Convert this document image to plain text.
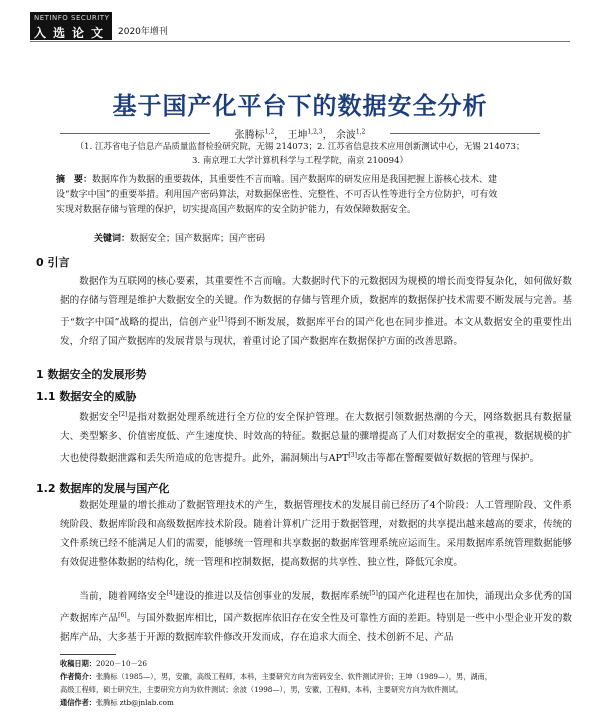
NETINFO SECURITY
入选论文 2020年增刊
基于国产化平台下的数据安全分析
张腾标$^{1,2}$， 王坤$^{1,2,3}$， 余波$^{1,2}$
（1. 江苏省电子信息产品质量监督检验研究院，无锡 214073；2. 江苏省信息技术应用创新测试中心，无锡 214073；
3. 南京理工大学计算机科学与工程学院，南京 210094）
摘　要：数据库作为数据的重要载体，其重要性不言而喻。国产数据库的研发应用是我国把握上游核心技术、建设“数字中国”的重要举措。利用国产密码算法，对数据保密性、完整性、不可否认性等进行全方位防护，可有效实现对数据存储与管理的保护，切实提高国产数据库的安全防护能力，有效保障数据安全。
关键词：数据安全；国产数据库；国产密码
0 引言

数据作为互联网的核心要素，其重要性不言而喻。大数据时代下的元数据因为规模的增长而变得复杂化，如何做好数据的存储与管理是维护大数据安全的关键。作为数据的存储与管理介质，数据库的数据保护技术需要不断发展与完善。基于“数字中国”战略的提出，信创产业[1]得到不断发展，数据库平台的国产化也在同步推进。本文从数据安全的重要性出发，介绍了国产数据库的发展背景与现状，着重讨论了国产数据库在数据保护方面的改善思路。

1 数据安全的发展形势
1.1 数据安全的威胁

数据安全[2]是指对数据处理系统进行全方位的安全保护管理。在大数据引领数据热潮的今天，网络数据具有数据量大、类型繁多、价值密度低、产生速度快、时效高的特征。数据总量的骤增提高了人们对数据安全的重视，数据规模的扩大也使得数据泄露和丢失所造成的危害提升。此外，漏洞频出与APT[3]攻击等都在警醒要做好数据的管理与保护。

1.2 数据库的发展与国产化

数据处理量的增长推动了数据管理技术的产生，数据管理技术的发展目前已经历了4个阶段：人工管理阶段、文件系统阶段、数据库阶段和高级数据库技术阶段。随着计算机广泛用于数据管理，对数据的共享提出越来越高的要求，传统的文件系统已经不能满足人们的需要，能够统一管理和共享数据的数据库管理系统应运而生。采用数据库系统管理数据能够有效促进整体数据的结构化，统一管理和控制数据，提高数据的共享性、独立性，降低冗余度。

当前，随着网络安全[4]建设的推进以及信创事业的发展，数据库系统[5]的国产化进程也在加快，涌现出众多优秀的国产数据库产品[6]。与国外数据库相比，国产数据库依旧存在安全性及可靠性方面的差距。特别是一些中小型企业开发的数据库产品，大多基于开源的数据库软件修改开发而成，存在追求大而全、技术创新不足、产品

收稿日期：2020－10－26
作者简介：张腾标（1985—），男，安徽，高级工程师，本科，主要研究方向为密码安全、软件测试评价；王坤（1989—），男，湖南，
高级工程师，硕士研究生，主要研究方向为软件测试；余波（1998—），男，安徽，工程师，本科，主要研究方向为软件测试。
通信作者：张腾标 ztb@jnlab.com
